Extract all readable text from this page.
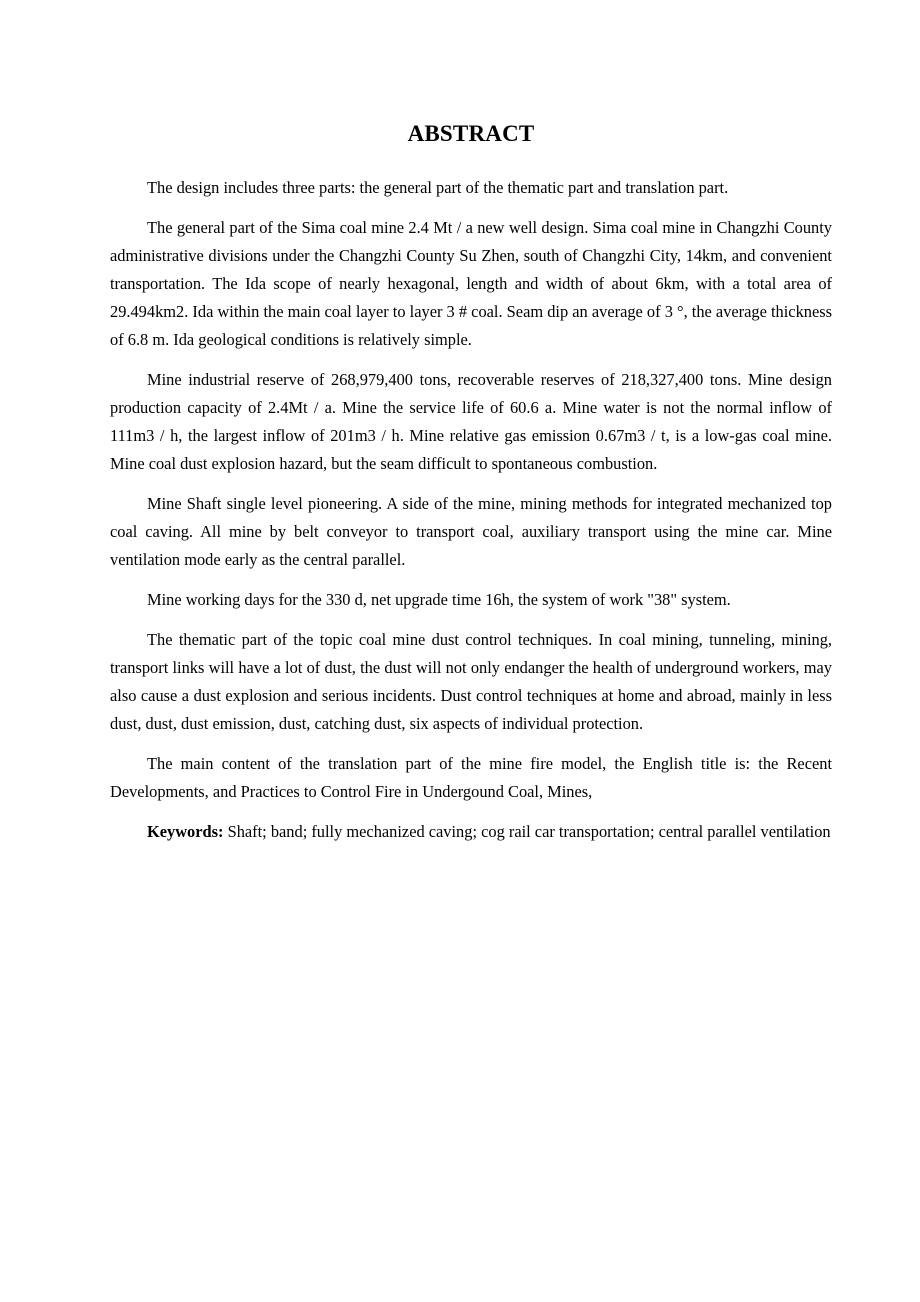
ABSTRACT

The design includes three parts: the general part of the thematic part and translation part.

The general part of the Sima coal mine 2.4 Mt / a new well design. Sima coal mine in Changzhi County administrative divisions under the Changzhi County Su Zhen, south of Changzhi City, 14km, and convenient transportation. The Ida scope of nearly hexagonal, length and width of about 6km, with a total area of 29.494km2. Ida within the main coal layer to layer 3 # coal. Seam dip an average of 3 °, the average thickness of 6.8 m. Ida geological conditions is relatively simple.

Mine industrial reserve of 268,979,400 tons, recoverable reserves of 218,327,400 tons. Mine design production capacity of 2.4Mt / a. Mine the service life of 60.6 a. Mine water is not the normal inflow of 111m3 / h, the largest inflow of 201m3 / h. Mine relative gas emission 0.67m3 / t, is a low-gas coal mine. Mine coal dust explosion hazard, but the seam difficult to spontaneous combustion.

Mine Shaft single level pioneering. A side of the mine, mining methods for integrated mechanized top coal caving. All mine by belt conveyor to transport coal, auxiliary transport using the mine car. Mine ventilation mode early as the central parallel.

Mine working days for the 330 d, net upgrade time 16h, the system of work "38" system.

The thematic part of the topic coal mine dust control techniques. In coal mining, tunneling, mining, transport links will have a lot of dust, the dust will not only endanger the health of underground workers, may also cause a dust explosion and serious incidents. Dust control techniques at home and abroad, mainly in less dust, dust, dust emission, dust, catching dust, six aspects of individual protection.

The main content of the translation part of the mine fire model, the English title is: the Recent Developments, and Practices to Control Fire in Undergound Coal, Mines,

Keywords: Shaft; band; fully mechanized caving; cog rail car transportation; central parallel ventilation
